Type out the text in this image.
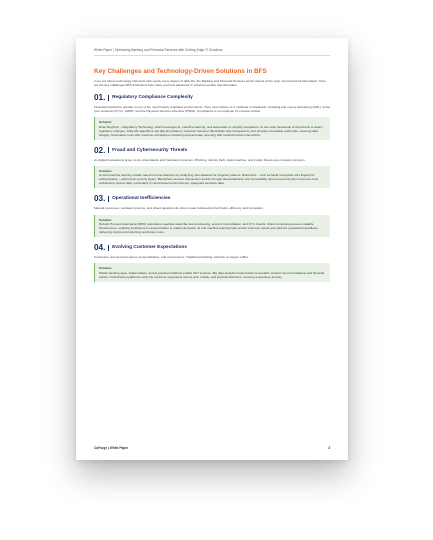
White Paper | Optimizing Banking and Financial Services with Cutting-Edge IT Solutions
Key Challenges and Technology-Driven Solutions in BFS
In an era where technology intersects with nearly every aspect of daily life, the Banking and Financial Services sector stands at the cusp of profound transformation. Here are the key challenges BFS institutions face today and how advanced IT solutions enable transformation.
01. Regulatory Compliance Complexity
Financial institutions operate in one of the most heavily regulated environments. They must adhere to a multitude of standards, including anti-money laundering (AML), know your customer (KYC), GDPR, and the Payment Services Directive (PSD2). Compliance is not optional; it's mission-critical.
Solution:
Enter RegTech – Regulatory Technology, which leverages AI, machine learning, and automation to simplify compliance. AI can scan thousands of documents to detect regulatory changes, while ML algorithms can flag anomalies in customer behavior. Blockchain aids transparency and provides immutable audit trails, ensuring data integrity. Automation tools offer real-time compliance monitoring and accurate reporting with minimal human intervention.
02. Fraud and Cybersecurity Threats
As digital transactions grow, so do cyberattacks and fraudulent schemes. Phishing, identity theft, data breaches, and insider threats are constant concerns.
Solution:
AI and machine learning enable real-time fraud detection by analyzing vast datasets for irregular patterns. Biometrics – such as facial recognition and fingerprint authentication – add robust security layers. Blockchain secures transaction records through decentralization and immutability. End-to-end encryption and zero-trust architecture protect data, particularly in cloud-hosted environments, safeguard sensitive data.
03. Operational Inefficiencies
Manual processes, outdated systems, and siloed departments often create bottlenecks that hinder efficiency and innovation.
Solution:
Robotic Process Automation (RPA) automates repetitive tasks like loan processing, account reconciliation, and KYC checks. Cloud computing ensures scalable infrastructure, enabling institutions to respond faster to market demands. AI and machine learning help predict customer needs and optimize operational workflows, delivering improved productivity and lower costs.
04. Evolving Customer Expectations
Customers now demand speed, personalization, and convenience. Traditional banking methods no longer suffice.
Solution:
Mobile banking apps, digital wallets, and AI-powered chatbots enable 24/7 services. Big data analytics helps banks personalize product recommendations and financial advice. Omnichannel platforms unify the customer experience across web, mobile, and physical branches, ensuring a seamless journey.
CoForge | White Paper	3
